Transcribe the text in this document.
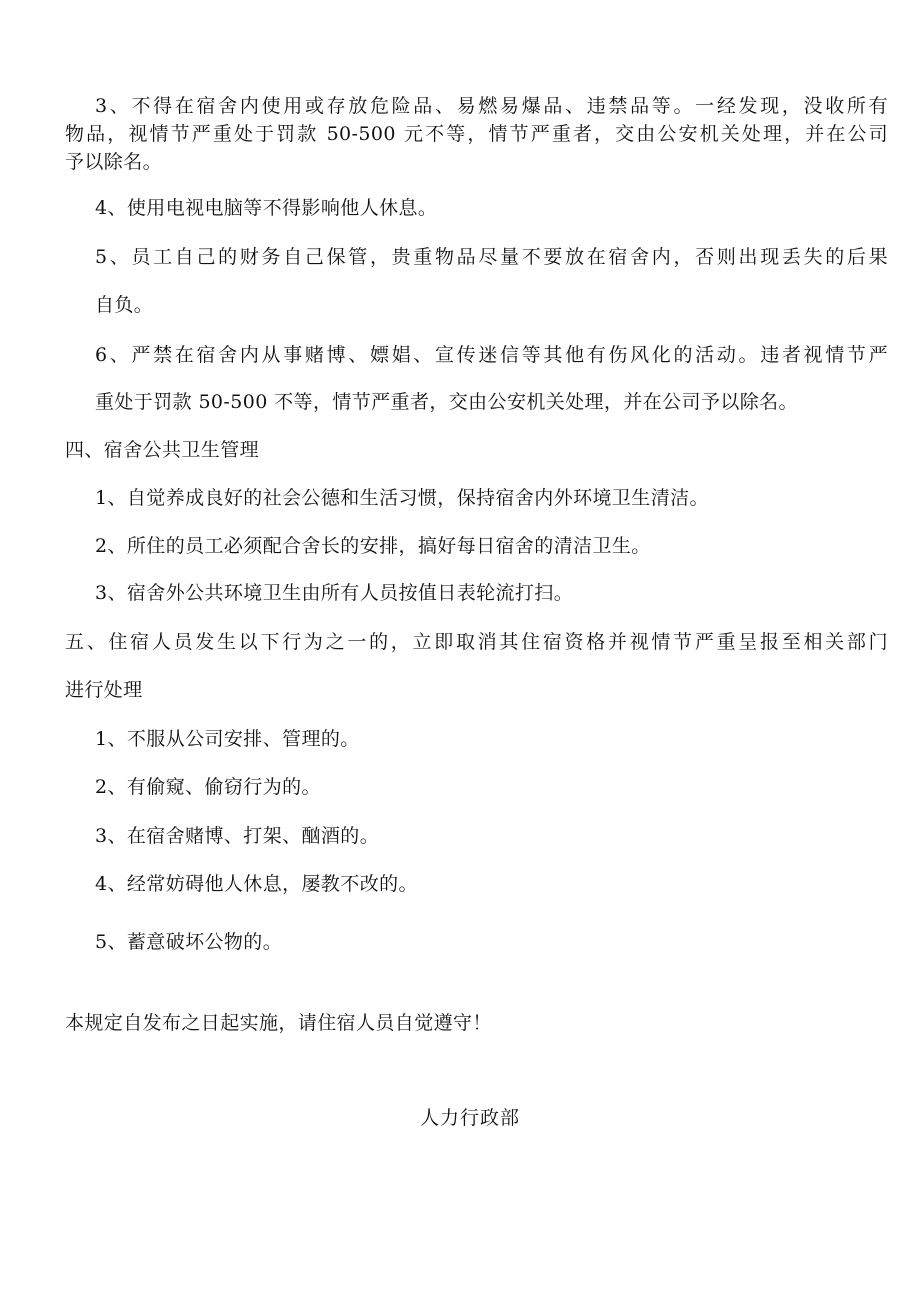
3、不得在宿舍内使用或存放危险品、易燃易爆品、违禁品等。一经发现，没收所有
物品，视情节严重处于罚款 50-500 元不等，情节严重者，交由公安机关处理，并在公司
予以除名。
4、使用电视电脑等不得影响他人休息。
5、员工自己的财务自己保管，贵重物品尽量不要放在宿舍内，否则出现丢失的后果
自负。
6、严禁在宿舍内从事赌博、嫖娼、宣传迷信等其他有伤风化的活动。违者视情节严
重处于罚款 50-500 不等，情节严重者，交由公安机关处理，并在公司予以除名。
四、宿舍公共卫生管理
1、自觉养成良好的社会公德和生活习惯，保持宿舍内外环境卫生清洁。
2、所住的员工必须配合舍长的安排，搞好每日宿舍的清洁卫生。
3、宿舍外公共环境卫生由所有人员按值日表轮流打扫。
五、住宿人员发生以下行为之一的，立即取消其住宿资格并视情节严重呈报至相关部门
进行处理
1、不服从公司安排、管理的。
2、有偷窥、偷窃行为的。
3、在宿舍赌博、打架、酗酒的。
4、经常妨碍他人休息，屡教不改的。
5、蓄意破坏公物的。
本规定自发布之日起实施，请住宿人员自觉遵守！
人力行政部
